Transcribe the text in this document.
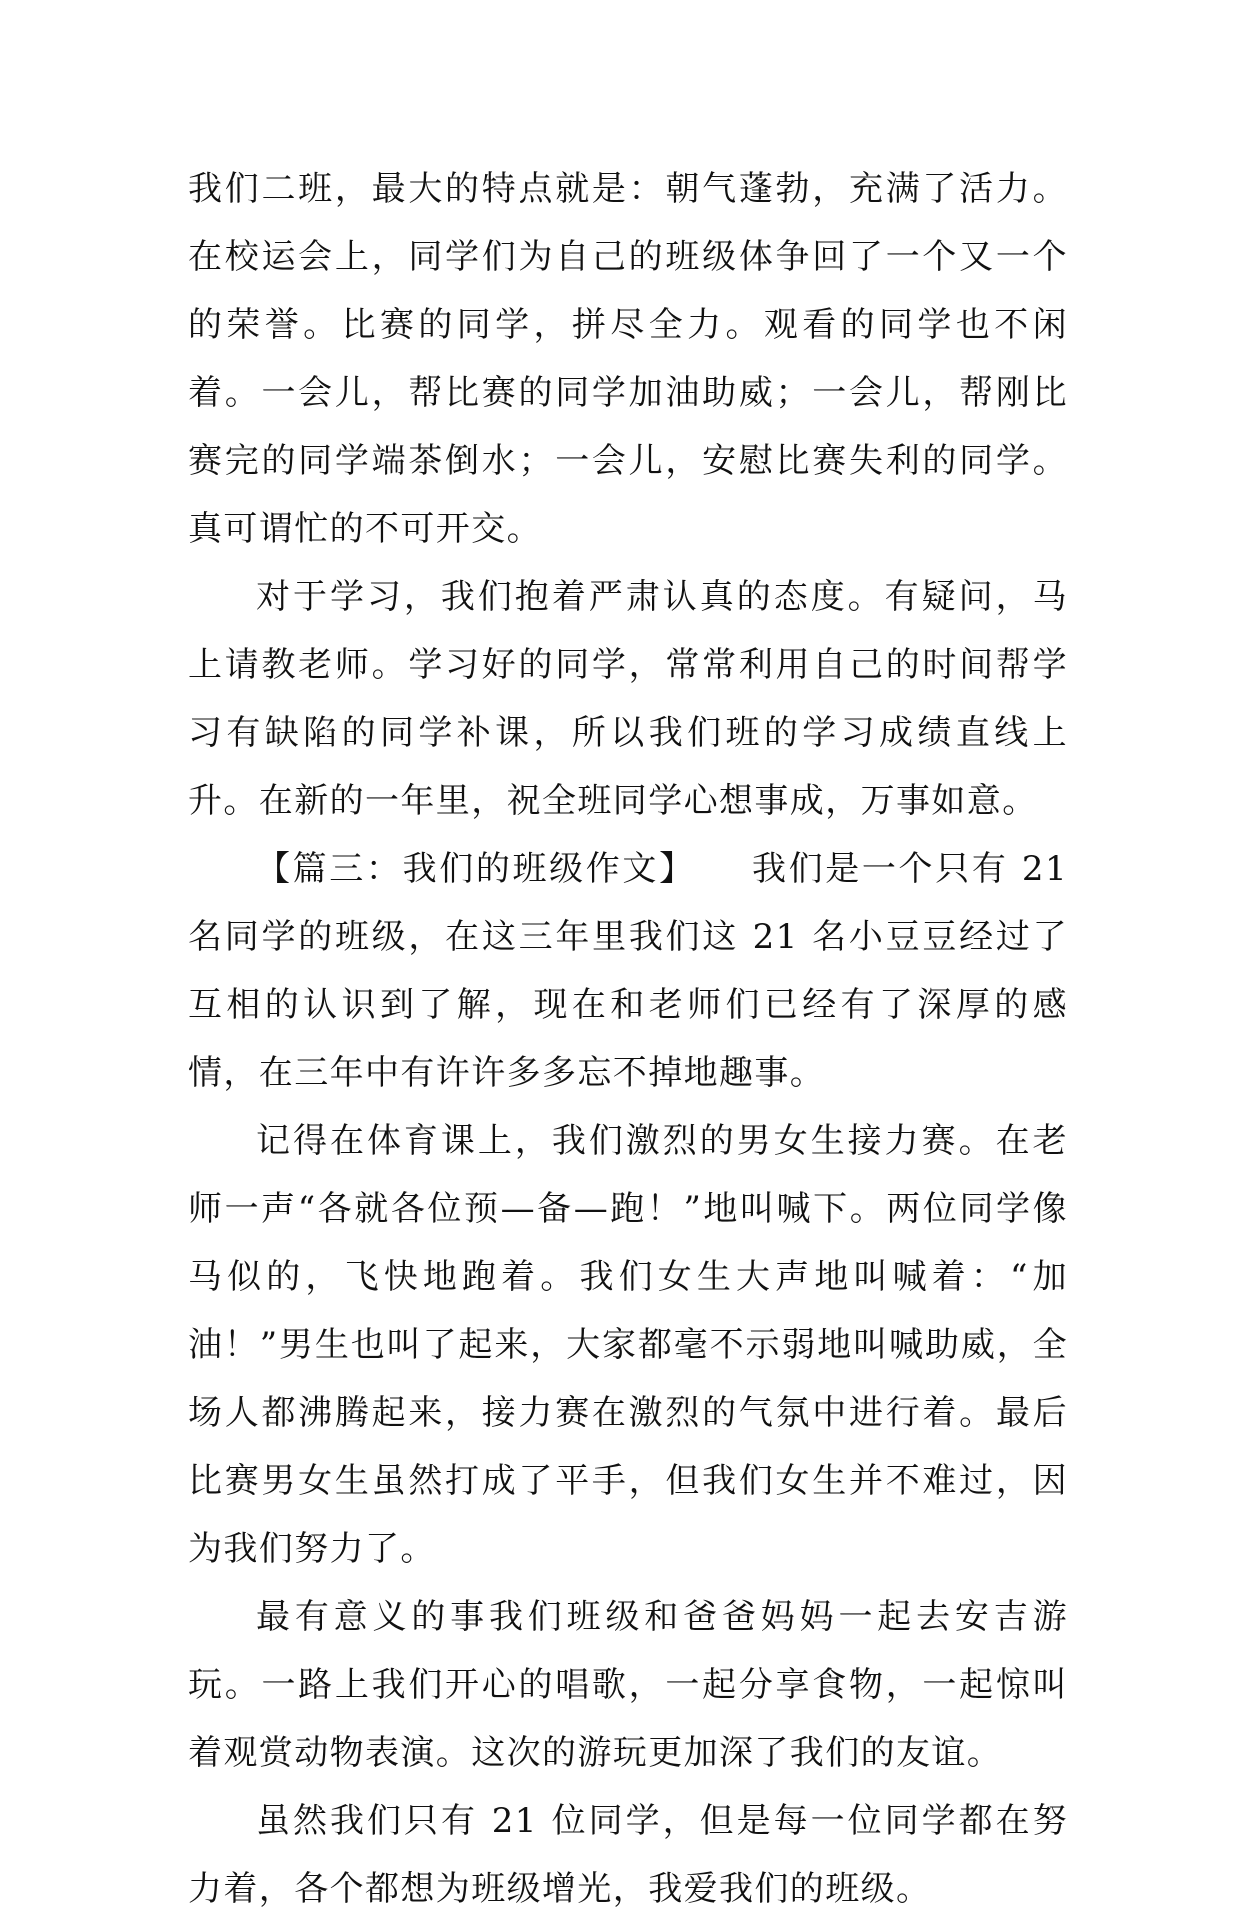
我们二班，最大的特点就是：朝气蓬勃，充满了活力。在校运会上，同学们为自己的班级体争回了一个又一个的荣誉。比赛的同学，拼尽全力。观看的同学也不闲着。一会儿，帮比赛的同学加油助威；一会儿，帮刚比赛完的同学端茶倒水；一会儿，安慰比赛失利的同学。真可谓忙的不可开交。

对于学习，我们抱着严肃认真的态度。有疑问，马上请教老师。学习好的同学，常常利用自己的时间帮学习有缺陷的同学补课，所以我们班的学习成绩直线上升。在新的一年里，祝全班同学心想事成，万事如意。

【篇三：我们的班级作文】　　我们是一个只有 21 名同学的班级，在这三年里我们这 21 名小豆豆经过了互相的认识到了解，现在和老师们已经有了深厚的感情，在三年中有许许多多忘不掉地趣事。

记得在体育课上，我们激烈的男女生接力赛。在老师一声“各就各位预—备—跑！”地叫喊下。两位同学像马似的，飞快地跑着。我们女生大声地叫喊着：“加油！”男生也叫了起来，大家都毫不示弱地叫喊助威，全场人都沸腾起来，接力赛在激烈的气氛中进行着。最后比赛男女生虽然打成了平手，但我们女生并不难过，因为我们努力了。

最有意义的事我们班级和爸爸妈妈一起去安吉游玩。一路上我们开心的唱歌，一起分享食物，一起惊叫着观赏动物表演。这次的游玩更加深了我们的友谊。

虽然我们只有 21 位同学，但是每一位同学都在努力着，各个都想为班级增光，我爱我们的班级。
